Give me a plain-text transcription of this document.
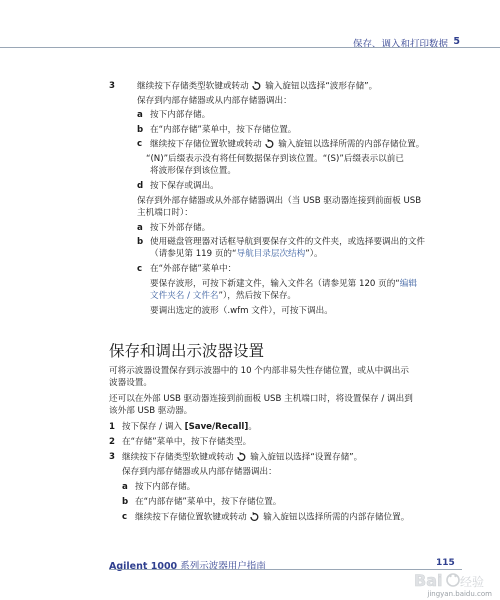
保存、调入和打印数据 5
3	继续按下存储类型软键或转动 输入旋钮以选择“波形存储”。
保存到内部存储器或从内部存储器调出：
a 按下内部存储。
b 在“内部存储”菜单中，按下存储位置。
c 继续按下存储位置软键或转动 输入旋钮以选择所需的内部存储位置。
“(N)”后缀表示没有将任何数据保存到该位置。“(S)”后缀表示以前已
将波形保存到该位置。
d 按下保存或调出。
保存到外部存储器或从外部存储器调出（当 USB 驱动器连接到前面板 USB
主机端口时）：
a 按下外部存储。
b 使用磁盘管理器对话框导航到要保存文件的文件夹，或选择要调出的文件
（请参见第 119 页的“导航目录层次结构”）。
c 在“外部存储”菜单中：
要保存波形，可按下新建文件，输入文件名（请参见第 120 页的“编辑
文件夹名 / 文件名”），然后按下保存。
要调出选定的波形（.wfm 文件），可按下调出。
保存和调出示波器设置
可将示波器设置保存到示波器中的 10 个内部非易失性存储位置，或从中调出示
波器设置。
还可以在外部 USB 驱动器连接到前面板 USB 主机端口时，将设置保存 / 调出到
该外部 USB 驱动器。
1 按下保存 / 调入 [Save/Recall]。
2 在“存储”菜单中，按下存储类型。
3 继续按下存储类型软键或转动 输入旋钮以选择“设置存储”。
保存到内部存储器或从内部存储器调出：
a 按下内部存储。
b 在“内部存储”菜单中，按下存储位置。
c 继续按下存储位置软键或转动 输入旋钮以选择所需的内部存储位置。
Agilent 1000 系列示波器用户指南	115
Bai 经验
jingyan.baidu.com
